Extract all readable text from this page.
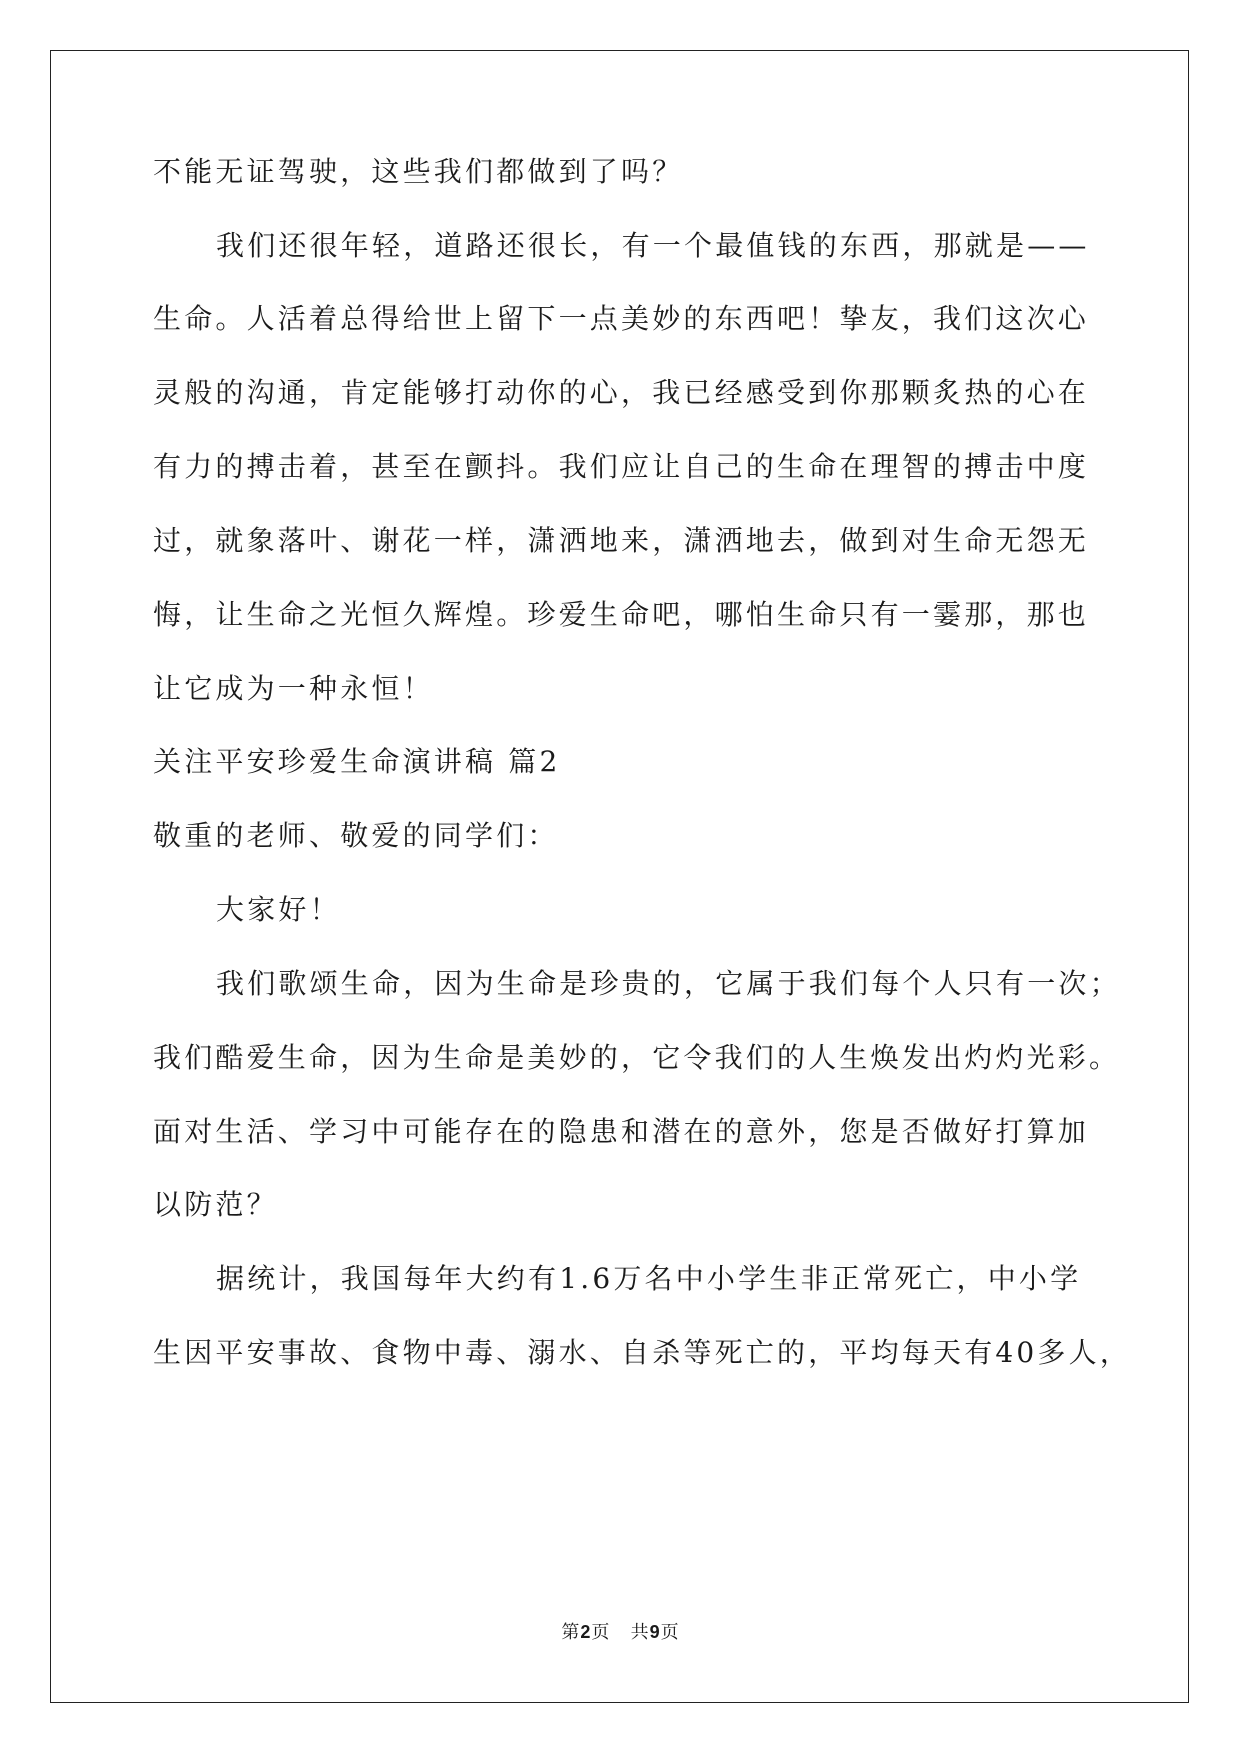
不能无证驾驶，这些我们都做到了吗？
我们还很年轻，道路还很长，有一个最值钱的东西，那就是——
生命。人活着总得给世上留下一点美妙的东西吧！挚友，我们这次心
灵般的沟通，肯定能够打动你的心，我已经感受到你那颗炙热的心在
有力的搏击着，甚至在颤抖。我们应让自己的生命在理智的搏击中度
过，就象落叶、谢花一样，潇洒地来，潇洒地去，做到对生命无怨无
悔，让生命之光恒久辉煌。珍爱生命吧，哪怕生命只有一霎那，那也
让它成为一种永恒！
关注平安珍爱生命演讲稿 篇2
敬重的老师、敬爱的同学们：
大家好！
我们歌颂生命，因为生命是珍贵的，它属于我们每个人只有一次；
我们酷爱生命，因为生命是美妙的，它令我们的人生焕发出灼灼光彩。
面对生活、学习中可能存在的隐患和潜在的意外，您是否做好打算加
以防范？
据统计，我国每年大约有1.6万名中小学生非正常死亡，中小学
生因平安事故、食物中毒、溺水、自杀等死亡的，平均每天有40多人，
第2页 共9页
